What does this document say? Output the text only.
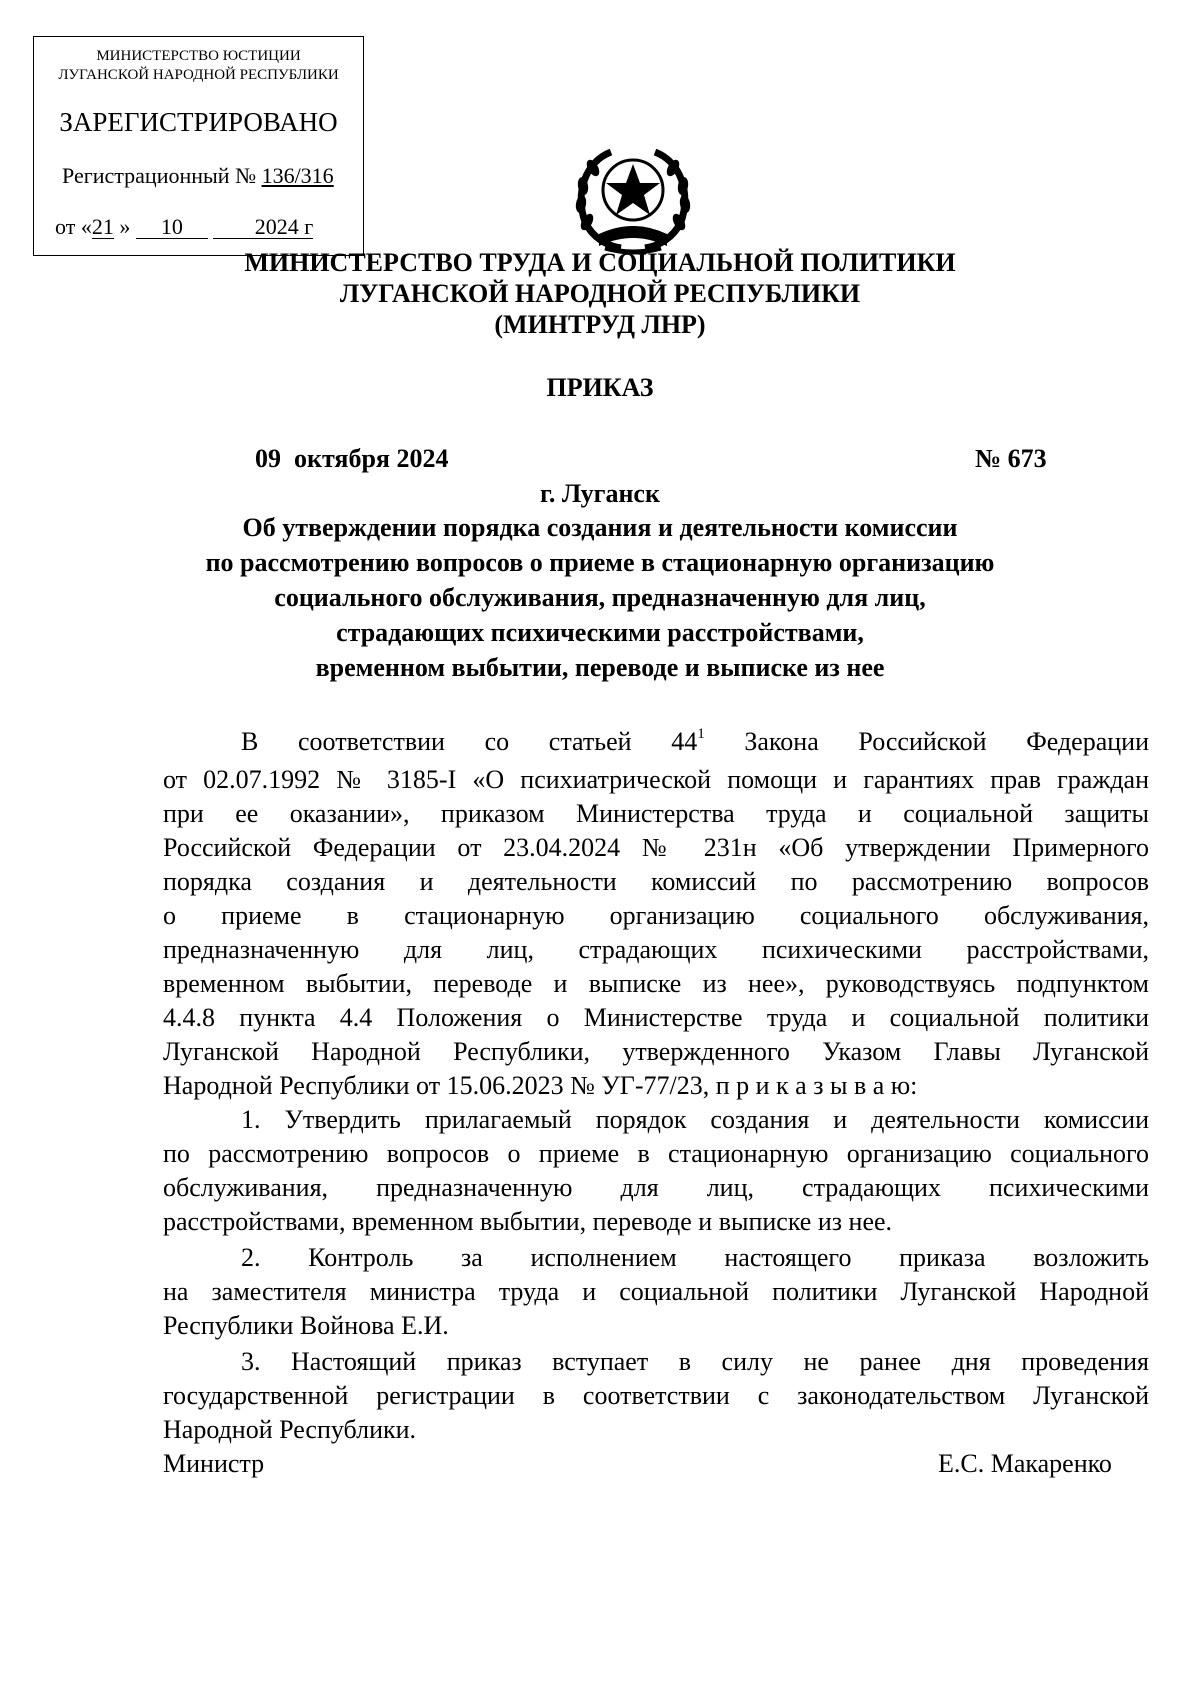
МИНИСТЕРСТВО ЮСТИЦИИ
ЛУГАНСКОЙ НАРОДНОЙ РЕСПУБЛИКИ
ЗАРЕГИСТРИРОВАНО
Регистрационный № 136/316
от «21 » 10	2024 г
МИНИСТЕРСТВО ТРУДА И СОЦИАЛЬНОЙ ПОЛИТИКИ
ЛУГАНСКОЙ НАРОДНОЙ РЕСПУБЛИКИ
(МИНТРУД ЛНР)
ПРИКАЗ
09  октября 2024	№ 673
г. Луганск
Об утверждении порядка создания и деятельности комиссии
по рассмотрению вопросов о приеме в стационарную организацию
социального обслуживания, предназначенную для лиц,
страдающих психическими расстройствами,
временном выбытии, переводе и выписке из нее
В соответствии со статьей $44^1$ Закона Российской Федерации
от 02.07.1992 № 3185-I «О психиатрической помощи и гарантиях прав граждан
при ее оказании», приказом Министерства труда и социальной защиты
Российской Федерации от 23.04.2024 № 231н «Об утверждении Примерного
порядка создания и деятельности комиссий по рассмотрению вопросов
о приеме в стационарную организацию социального обслуживания,
предназначенную для лиц, страдающих психическими расстройствами,
временном выбытии, переводе и выписке из нее», руководствуясь подпунктом
4.4.8 пункта 4.4 Положения о Министерстве труда и социальной политики
Луганской Народной Республики, утвержденного Указом Главы Луганской
Народной Республики от 15.06.2023 № УГ-77/23, п р и к а з ы в а ю:
1. Утвердить прилагаемый порядок создания и деятельности комиссии
по рассмотрению вопросов о приеме в стационарную организацию социального
обслуживания, предназначенную для лиц, страдающих психическими
расстройствами, временном выбытии, переводе и выписке из нее.
2. Контроль за исполнением настоящего приказа возложить
на заместителя министра труда и социальной политики Луганской Народной
Республики Войнова Е.И.
3. Настоящий приказ вступает в силу не ранее дня проведения
государственной регистрации в соответствии с законодательством Луганской
Народной Республики.
Министр	Е.С. Макаренко
